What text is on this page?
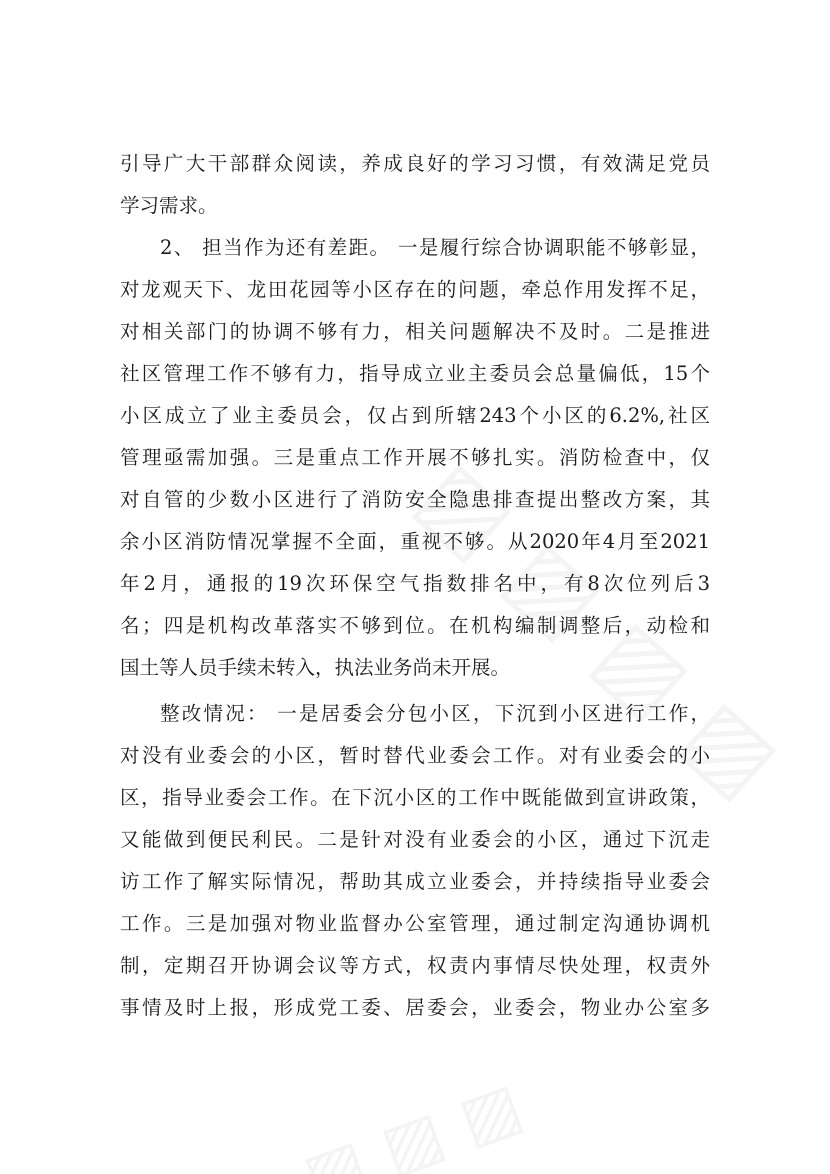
引导广大干部群众阅读，养成良好的学习习惯，有效满足党员
学习需求。
2、 担当作为还有差距。 一是履行综合协调职能不够彰显，
对龙观天下、龙田花园等小区存在的问题，牵总作用发挥不足，
对相关部门的协调不够有力，相关问题解决不及时。二是推进
社区管理工作不够有力，指导成立业主委员会总量偏低，15个
小区成立了业主委员会，仅占到所辖243个小区的6.2%,社区
管理亟需加强。三是重点工作开展不够扎实。消防检查中，仅
对自管的少数小区进行了消防安全隐患排查提出整改方案，其
余小区消防情况掌握不全面，重视不够。从2020年4月至2021
年2月，通报的19次环保空气指数排名中，有8次位列后3
名；四是机构改革落实不够到位。在机构编制调整后，动检和
国土等人员手续未转入，执法业务尚未开展。
整改情况： 一是居委会分包小区，下沉到小区进行工作，
对没有业委会的小区，暂时替代业委会工作。对有业委会的小
区，指导业委会工作。在下沉小区的工作中既能做到宣讲政策，
又能做到便民利民。二是针对没有业委会的小区，通过下沉走
访工作了解实际情况，帮助其成立业委会，并持续指导业委会
工作。三是加强对物业监督办公室管理，通过制定沟通协调机
制，定期召开协调会议等方式，权责内事情尽快处理，权责外
事情及时上报，形成党工委、居委会，业委会，物业办公室多
